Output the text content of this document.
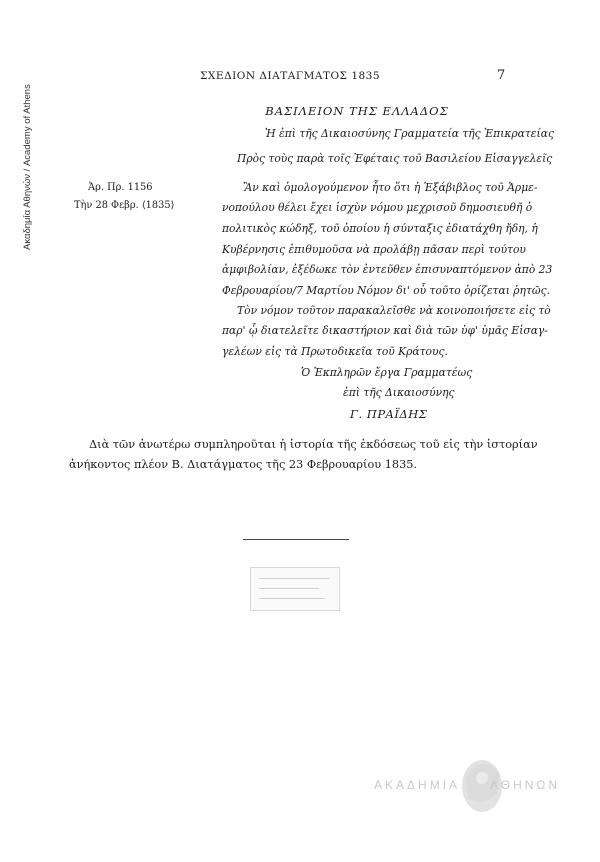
Ακαδημία Αθηνών / Academy of Athens
ΣΧΕΔΙΟΝ ΔΙΑΤΑΓΜΑΤΟΣ 1835	7
ΒΑΣΙΛΕΙΟΝ ΤΗΣ ΕΛΛΑΔΟΣ
Ἡ ἐπὶ τῆς Δικαιοσύνης Γραμματεία τῆς Ἐπικρατείας
Πρὸς τοὺς παρὰ τοῖς Ἐφέταις τοῦ Βασιλείου Εἰσαγγελεῖς
Ἀρ. Πρ. 1156
Τὴν 28 Φεβρ. ⟨1835⟩
Ἂν καὶ ὁμολογούμενον ἦτο ὅτι ἡ Ἑξάβιβλος τοῦ Ἀρμε-
νοπούλου θέλει ἔχει ἰσχὺν νόμου μεχρισοῦ δημοσιευθῆ ὁ
πολιτικὸς κώδηξ, τοῦ ὁποίου ἡ σύνταξις ἐδιατάχθη ἤδη, ἡ
Κυβέρνησις ἐπιθυμοῦσα νὰ προλάβῃ πᾶσαν περὶ τούτου
ἀμφιβολίαν, ἐξέδωκε τὸν ἐντεῦθεν ἐπισυναπτόμενον ἀπὸ 23
Φεβρουαρίου/7 Μαρτίου Νόμον δι' οὗ τοῦτο ὁρίζεται ῥητῶς.
Τὸν νόμον τοῦτον παρακαλεῖσθε νὰ κοινοποιήσετε εἰς τὸ
παρ' ᾧ διατελεῖτε δικαστήριον καὶ διὰ τῶν ὑφ' ὑμᾶς Εἰσαγ-
γελέων εἰς τὰ Πρωτοδικεῖα τοῦ Κράτους.
Ὁ Ἐκπληρῶν ἔργα Γραμματέως
ἐπὶ τῆς Δικαιοσύνης
Γ. ΠΡΑΪΔΗΣ
Διὰ τῶν ἀνωτέρω συμπληροῦται ἡ ἱστορία τῆς ἐκδόσεως τοῦ εἰς τὴν ἱστορίαν
ἀνήκοντος πλέον Β. Διατάγματος τῆς 23 Φεβρουαρίου 1835.
ΑΚΑΔΗΜΙΑ ΑΘΗΝΩΝ
